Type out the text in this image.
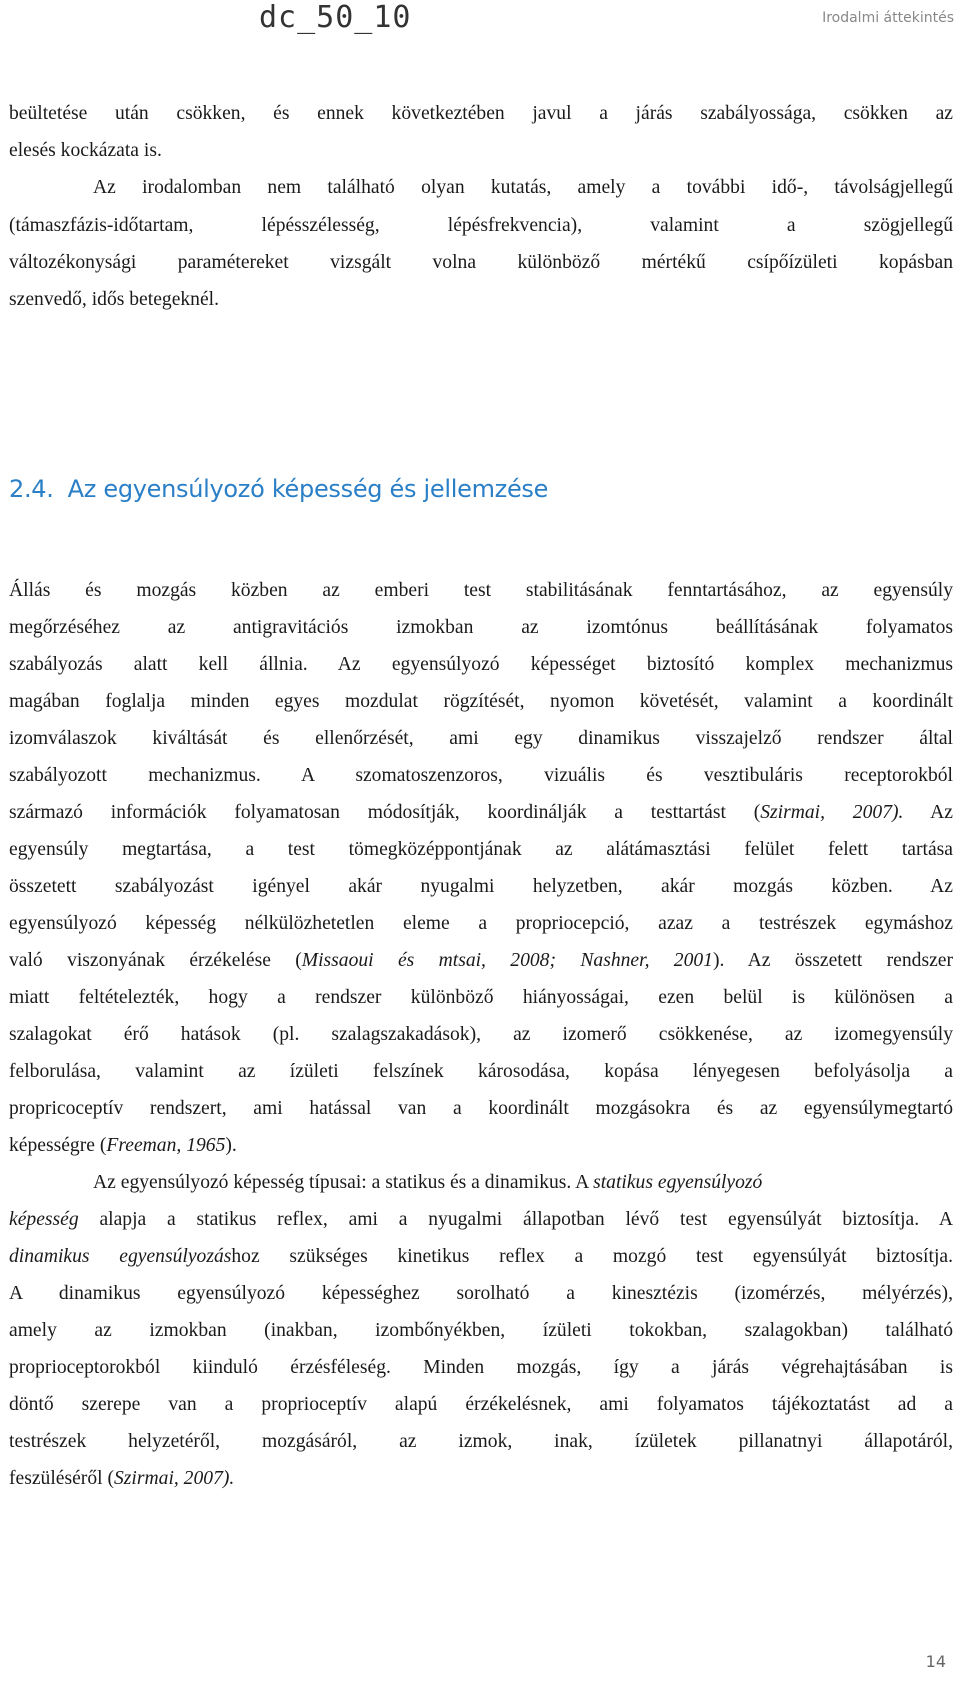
dc_50_10	Irodalmi áttekintés
beültetése után csökken, és ennek következtében javul a járás szabályossága, csökken az
elesés kockázata is.
Az irodalomban nem található olyan kutatás, amely a további idő-, távolságjellegű
(támaszfázis-időtartam, lépésszélesség, lépésfrekvencia), valamint a szögjellegű
változékonysági paramétereket vizsgált volna különböző mértékű csípőízületi kopásban
szenvedő, idős betegeknél.
2.4. Az egyensúlyozó képesség és jellemzése
Állás és mozgás közben az emberi test stabilitásának fenntartásához, az egyensúly
megőrzéséhez az antigravitációs izmokban az izomtónus beállításának folyamatos
szabályozás alatt kell állnia. Az egyensúlyozó képességet biztosító komplex mechanizmus
magában foglalja minden egyes mozdulat rögzítését, nyomon követését, valamint a koordinált
izomválaszok kiváltását és ellenőrzését, ami egy dinamikus visszajelző rendszer által
szabályozott mechanizmus. A szomatoszenzoros, vizuális és vesztibuláris receptorokból
származó információk folyamatosan módosítják, koordinálják a testtartást (Szirmai, 2007). Az
egyensúly megtartása, a test tömegközéppontjának az alátámasztási felület felett tartása
összetett szabályozást igényel akár nyugalmi helyzetben, akár mozgás közben. Az
egyensúlyozó képesség nélkülözhetetlen eleme a propriocepció, azaz a testrészek egymáshoz
való viszonyának érzékelése (Missaoui és mtsai, 2008; Nashner, 2001). Az összetett rendszer
miatt feltételezték, hogy a rendszer különböző hiányosságai, ezen belül is különösen a
szalagokat érő hatások (pl. szalagszakadások), az izomerő csökkenése, az izomegyensúly
felborulása, valamint az ízületi felszínek károsodása, kopása lényegesen befolyásolja a
propricoceptív rendszert, ami hatással van a koordinált mozgásokra és az egyensúlymegtartó
képességre (Freeman, 1965).
Az egyensúlyozó képesség típusai: a statikus és a dinamikus. A statikus egyensúlyozó
képesség alapja a statikus reflex, ami a nyugalmi állapotban lévő test egyensúlyát biztosítja. A
dinamikus egyensúlyozáshoz szükséges kinetikus reflex a mozgó test egyensúlyát biztosítja.
A dinamikus egyensúlyozó képességhez sorolható a kinesztézis (izomérzés, mélyérzés),
amely az izmokban (inakban, izombőnyékben, ízületi tokokban, szalagokban) található
proprioceptorokból kiinduló érzésféleség. Minden mozgás, így a járás végrehajtásában is
döntő szerepe van a proprioceptív alapú érzékelésnek, ami folyamatos tájékoztatást ad a
testrészek helyzetéről, mozgásáról, az izmok, inak, ízületek pillanatnyi állapotáról,
feszüléséről (Szirmai, 2007).
14
